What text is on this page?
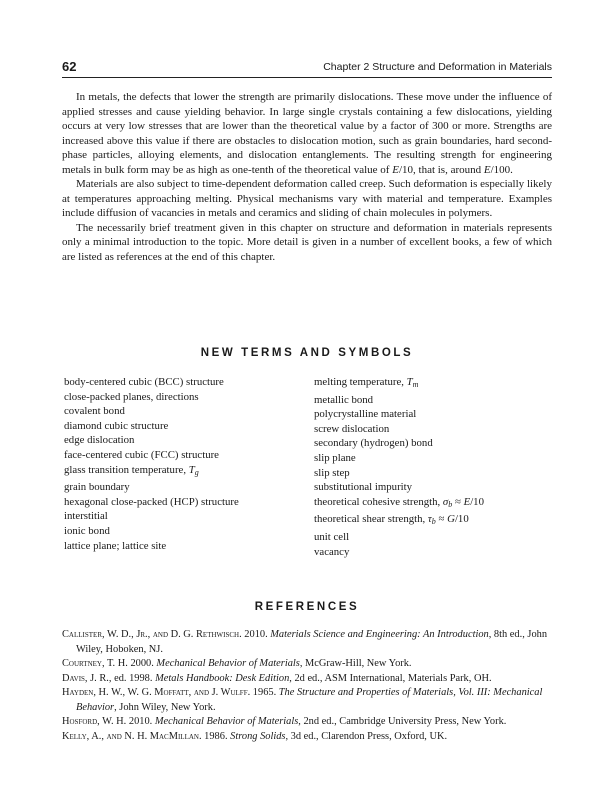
62	Chapter 2 Structure and Deformation in Materials

In metals, the defects that lower the strength are primarily dislocations. These move under the influence of applied stresses and cause yielding behavior. In large single crystals containing a few dislocations, yielding occurs at very low stresses that are lower than the theoretical value by a factor of 300 or more. Strengths are increased above this value if there are obstacles to dislocation motion, such as grain boundaries, hard second-phase particles, alloying elements, and dislocation entanglements. The resulting strength for engineering metals in bulk form may be as high as one-tenth of the theoretical value of E/10, that is, around E/100.

Materials are also subject to time-dependent deformation called creep. Such deformation is especially likely at temperatures approaching melting. Physical mechanisms vary with material and temperature. Examples include diffusion of vacancies in metals and ceramics and sliding of chain molecules in polymers.

The necessarily brief treatment given in this chapter on structure and deformation in materials represents only a minimal introduction to the topic. More detail is given in a number of excellent books, a few of which are listed as references at the end of this chapter.

NEW TERMS AND SYMBOLS
body-centered cubic (BCC) structure
close-packed planes, directions
covalent bond
diamond cubic structure
edge dislocation
face-centered cubic (FCC) structure
glass transition temperature, $T_g$
grain boundary
hexagonal close-packed (HCP) structure
interstitial
ionic bond
lattice plane; lattice site
melting temperature, $T_m$
metallic bond
polycrystalline material
screw dislocation
secondary (hydrogen) bond
slip plane
slip step
substitutional impurity
theoretical cohesive strength, $\sigma_b \approx E/10$
theoretical shear strength, $\tau_b \approx G/10$
unit cell
vacancy
REFERENCES
Callister, W. D., Jr., and D. G. Rethwisch. 2010. Materials Science and Engineering: An Introduction, 8th ed., John Wiley, Hoboken, NJ.
Courtney, T. H. 2000. Mechanical Behavior of Materials, McGraw-Hill, New York.
Davis, J. R., ed. 1998. Metals Handbook: Desk Edition, 2d ed., ASM International, Materials Park, OH.
Hayden, H. W., W. G. Moffatt, and J. Wulff. 1965. The Structure and Properties of Materials, Vol. III: Mechanical Behavior, John Wiley, New York.
Hosford, W. H. 2010. Mechanical Behavior of Materials, 2nd ed., Cambridge University Press, New York.
Kelly, A., and N. H. MacMillan. 1986. Strong Solids, 3d ed., Clarendon Press, Oxford, UK.
